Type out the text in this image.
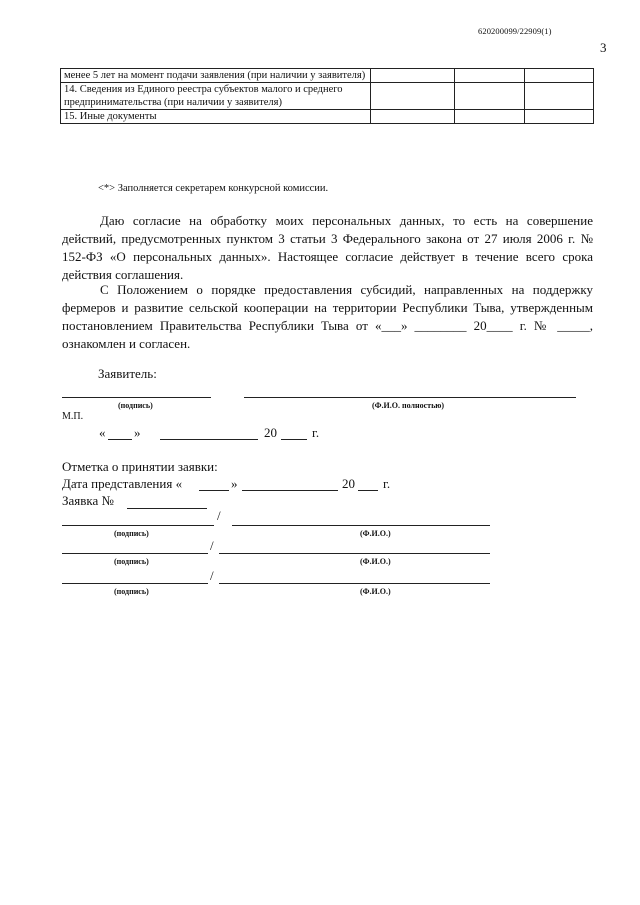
620200099/22909(1)
3
менее 5 лет на момент подачи заявления (при наличии у заявителя)			
14. Сведения из Единого реестра субъектов малого и среднего предпринимательства (при наличии у заявителя)			
15. Иные документы			
<*> Заполняется секретарем конкурсной комиссии.
Даю согласие на обработку моих персональных данных, то есть на совершение действий, предусмотренных пунктом 3 статьи 3 Федерального закона от 27 июля 2006 г. № 152-ФЗ «О персональных данных». Настоящее согласие действует в течение всего срока действия соглашения.
С Положением о порядке предоставления субсидий, направленных на поддержку фермеров и развитие сельской кооперации на территории Республики Тыва, утвержденным постановлением Правительства Республики Тыва от «___» ________ 20____ г. № _____, ознакомлен и согласен.
Заявитель:
(подпись)	(Ф.И.О. полностью)
М.П.
« »	20	г.
Отметка о принятии заявки:
Дата представления «	»	20 г.
Заявка №
/
(подпись)	(Ф.И.О.)
/
(подпись)	(Ф.И.О.)
/
(подпись)	(Ф.И.О.)
